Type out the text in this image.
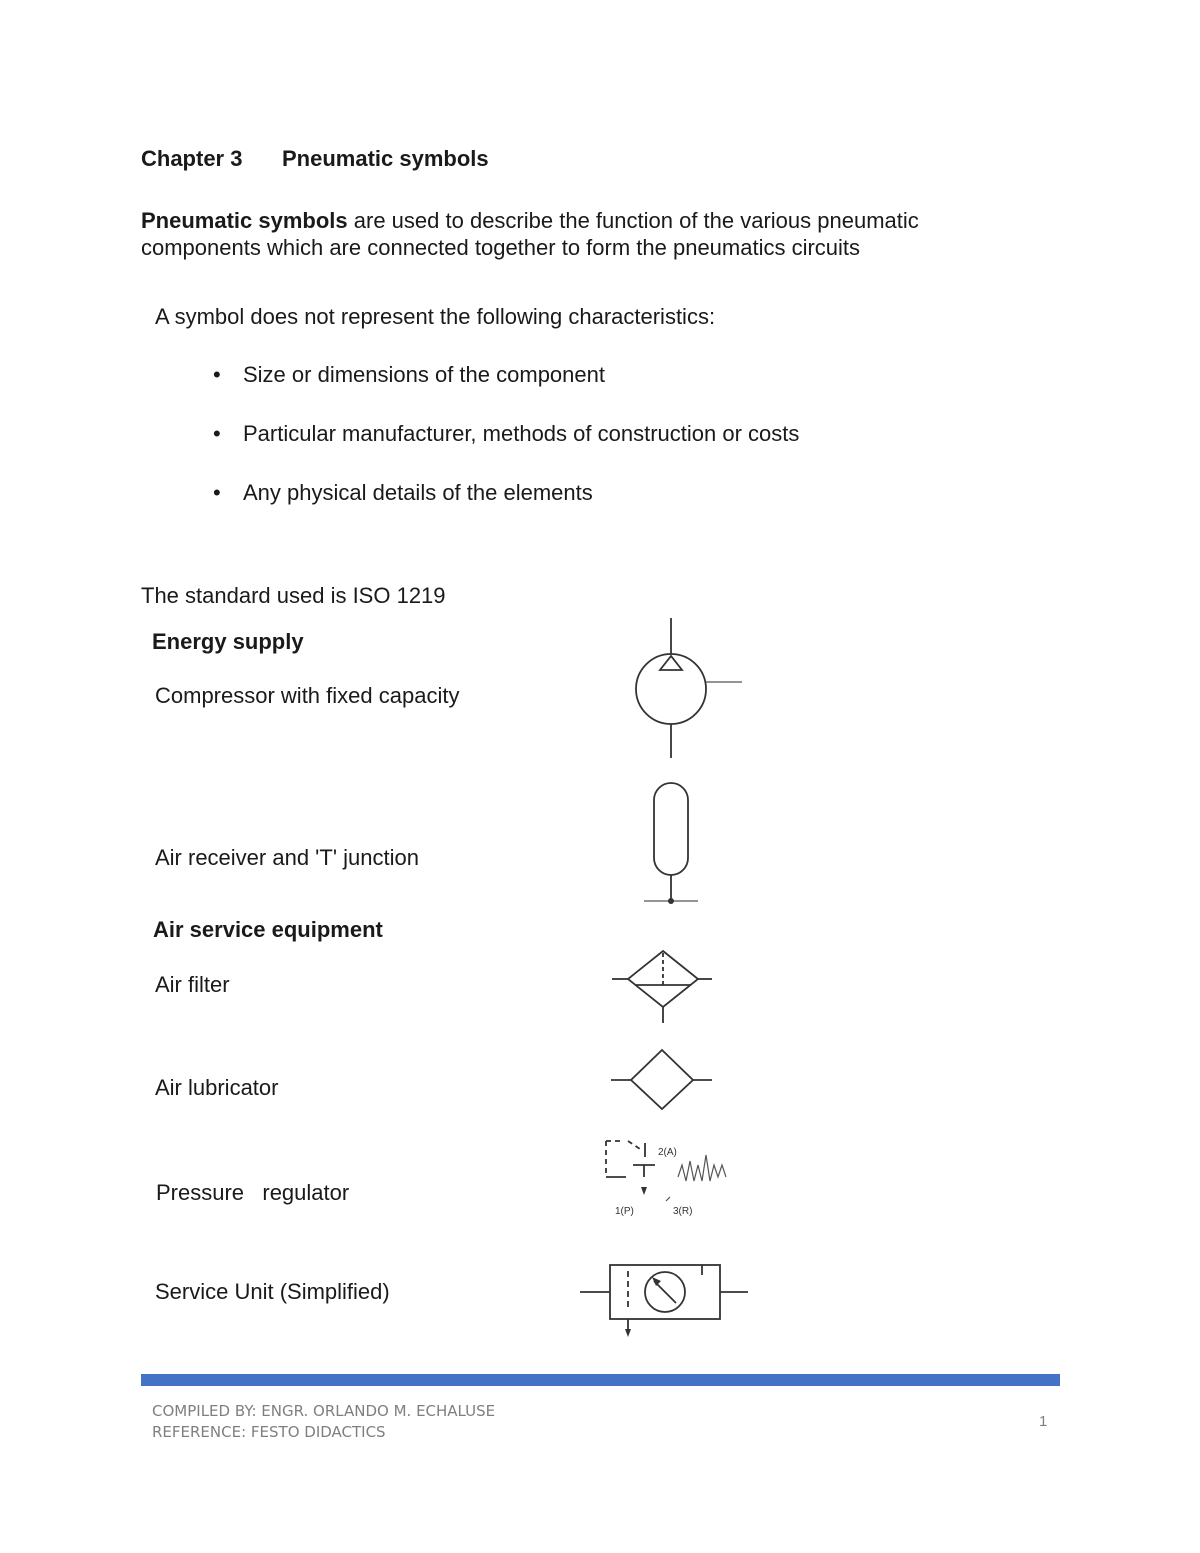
Chapter 3 Pneumatic symbols
Pneumatic symbols are used to describe the function of the various pneumatic components which are connected together to form the pneumatics circuits
A symbol does not represent the following characteristics:
• Size or dimensions of the component
• Particular manufacturer, methods of construction or costs
• Any physical details of the elements
The standard used is ISO 1219
Energy supply
Compressor with fixed capacity
Air receiver and 'T' junction
Air service equipment
Air filter
Air lubricator
Pressure   regulator
Service Unit (Simplified)
2(A)
1(P)	3(R)
COMPILED BY: ENGR. ORLANDO M. ECHALUSE
REFERENCE: FESTO DIDACTICS
1
